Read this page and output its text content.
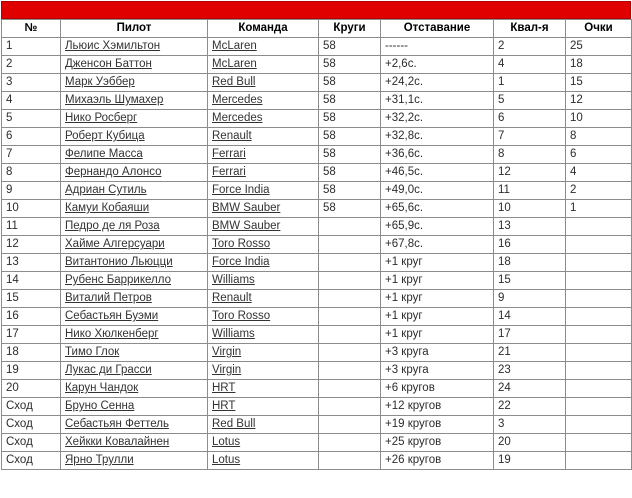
№	Пилот	Команда	Круги	Отставание	Квал-я	Очки
1	Льюис Хэмильтон	McLaren	58	------	2	25
2	Дженсон Баттон	McLaren	58	+2,6с.	4	18
3	Марк Уэббер	Red Bull	58	+24,2с.	1	15
4	Михаэль Шумахер	Mercedes	58	+31,1с.	5	12
5	Нико Росберг	Mercedes	58	+32,2с.	6	10
6	Роберт Кубица	Renault	58	+32,8с.	7	8
7	Фелипе Масса	Ferrari	58	+36,6с.	8	6
8	Фернандо Алонсо	Ferrari	58	+46,5с.	12	4
9	Адриан Сутиль	Force India	58	+49,0с.	11	2
10	Камуи Кобаяши	BMW Sauber	58	+65,6с.	10	1
11	Педро де ля Роза	BMW Sauber		+65,9с.	13	
12	Хайме Алгерсуари	Toro Rosso		+67,8с.	16	
13	Витантонио Льюцци	Force India		+1 круг	18	
14	Рубенс Баррикелло	Williams		+1 круг	15	
15	Виталий Петров	Renault		+1 круг	9	
16	Себастьян Буэми	Toro Rosso		+1 круг	14	
17	Нико Хюлкенберг	Williams		+1 круг	17	
18	Тимо Глок	Virgin		+3 круга	21	
19	Лукас ди Грасси	Virgin		+3 круга	23	
20	Карун Чандок	HRT		+6 кругов	24	
Сход	Бруно Сенна	HRT		+12 кругов	22	
Сход	Себастьян Феттель	Red Bull		+19 кругов	3	
Сход	Хейкки Ковалайнен	Lotus		+25 кругов	20	
Сход	Ярно Трулли	Lotus		+26 кругов	19	
